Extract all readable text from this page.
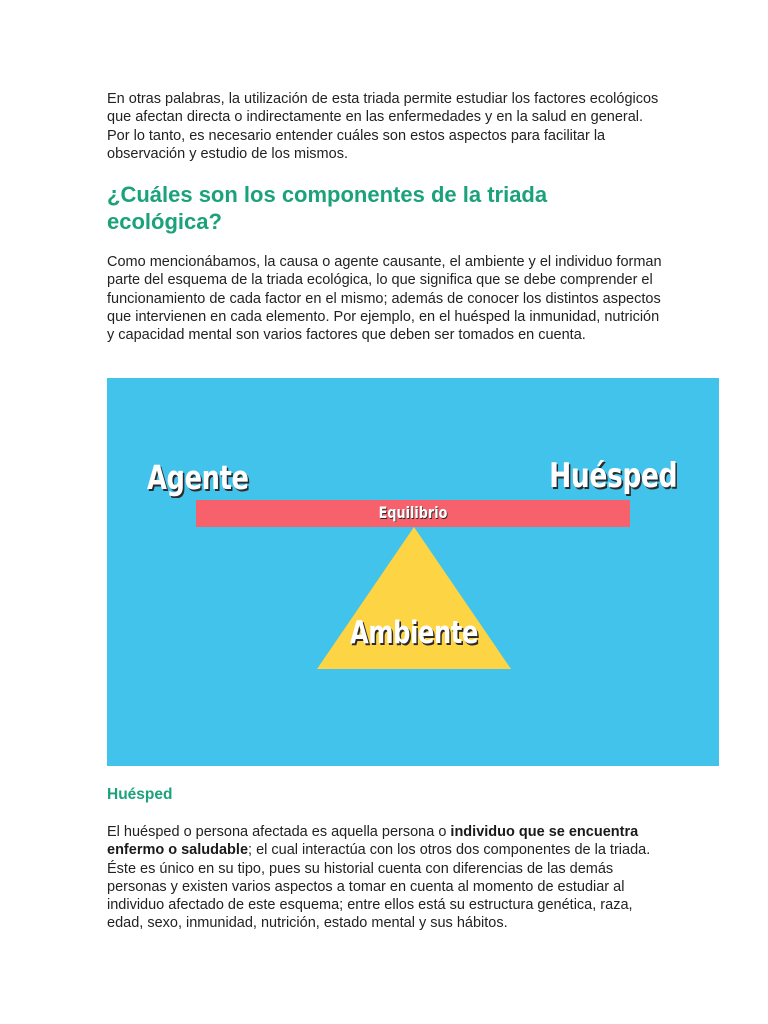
En otras palabras, la utilización de esta triada permite estudiar los factores ecológicos que afectan directa o indirectamente en las enfermedades y en la salud en general. Por lo tanto, es necesario entender cuáles son estos aspectos para facilitar la observación y estudio de los mismos.

¿Cuáles son los componentes de la triada ecológica?

Como mencionábamos, la causa o agente causante, el ambiente y el individuo forman parte del esquema de la triada ecológica, lo que significa que se debe comprender el funcionamiento de cada factor en el mismo; además de conocer los distintos aspectos que intervienen en cada elemento. Por ejemplo, en el huésped la inmunidad, nutrición y capacidad mental son varios factores que deben ser tomados en cuenta.

Agente	Huésped
Equilibrio
Ambiente
Huésped

El huésped o persona afectada es aquella persona o individuo que se encuentra enfermo o saludable; el cual interactúa con los otros dos componentes de la triada. Éste es único en su tipo, pues su historial cuenta con diferencias de las demás personas y existen varios aspectos a tomar en cuenta al momento de estudiar al individuo afectado de este esquema; entre ellos está su estructura genética, raza, edad, sexo, inmunidad, nutrición, estado mental y sus hábitos.
